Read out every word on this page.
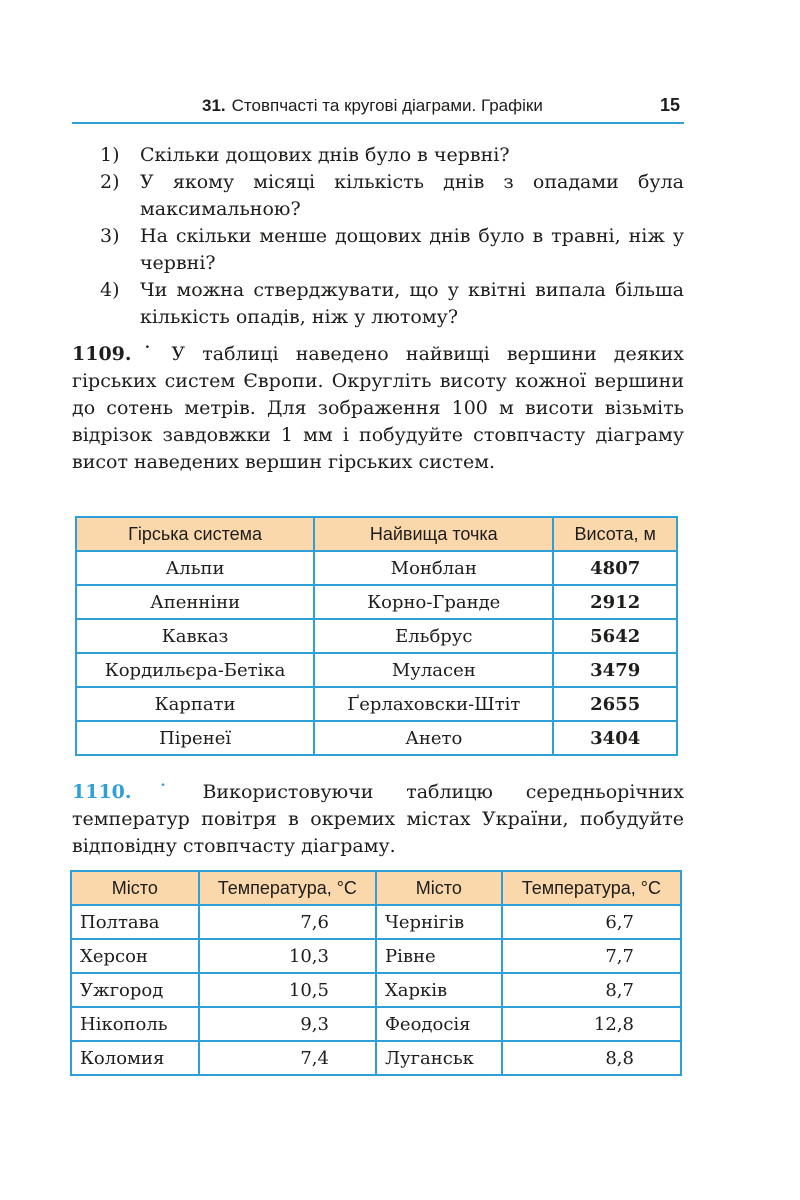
31. Стовпчасті та кругові діаграми. Графіки	15
1) Скільки дощових днів було в червні?
2) У якому місяці кількість днів з опадами була максимальною?
3) На скільки менше дощових днів було в травні, ніж у червні?
4) Чи можна стверджувати, що у квітні випала більша кількість опадів, ніж у лютому?

1109.˙ У таблиці наведено найвищі вершини деяких гірських систем Європи. Округліть висоту кожної вершини до сотень метрів. Для зображення 100 м висоти візьміть відрізок завдовжки 1 мм і побудуйте стовпчасту діаграму висот наведених вершин гірських систем.

Гірська система	Найвища точка	Висота, м
Альпи	Монблан	4807
Апенніни	Корно-Гранде	2912
Кавказ	Ельбрус	5642
Кордильєра-Бетіка	Муласен	3479
Карпати	Ґерлаховски-Штіт	2655
Піренеї	Ането	3404

1110.˙ Використовуючи таблицю середньорічних температур повітря в окремих містах України, побудуйте відповідну стовпчасту діаграму.

Місто	Температура, °С	Місто	Температура, °С
Полтава	7,6	Чернігів	6,7
Херсон	10,3	Рівне	7,7
Ужгород	10,5	Харків	8,7
Нікополь	9,3	Феодосія	12,8
Коломия	7,4	Луганськ	8,8
